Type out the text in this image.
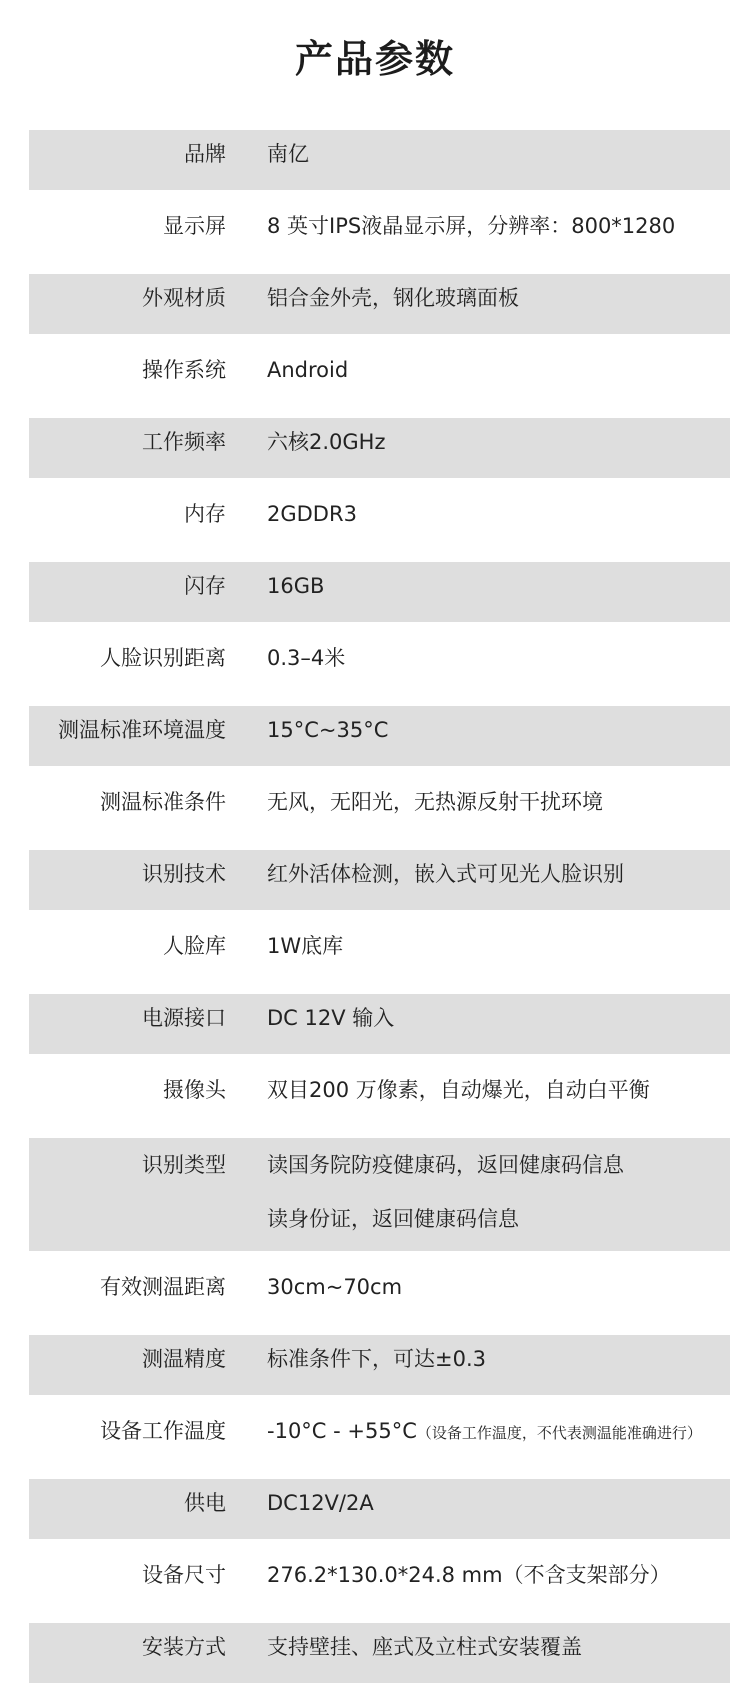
产品参数
品牌 南亿
显示屏 8 英寸IPS液晶显示屏，分辨率：800*1280
外观材质 铝合金外壳，钢化玻璃面板
操作系统 Android
工作频率 六核2.0GHz
内存 2GDDR3
闪存 16GB
人脸识别距离 0.3–4米
测温标准环境温度 15°C~35°C
测温标准条件 无风，无阳光，无热源反射干扰环境
识别技术 红外活体检测，嵌入式可见光人脸识别
人脸库 1W底库
电源接口 DC 12V 输入
摄像头 双目200 万像素，自动爆光，自动白平衡
识别类型 读国务院防疫健康码，返回健康码信息
读身份证，返回健康码信息
有效测温距离 30cm~70cm
测温精度 标准条件下，可达±0.3
设备工作温度 -10°C - +55°C（设备工作温度，不代表测温能准确进行）
供电 DC12V/2A
设备尺寸 276.2*130.0*24.8 mm（不含支架部分）
安装方式 支持壁挂、座式及立柱式安装覆盖
